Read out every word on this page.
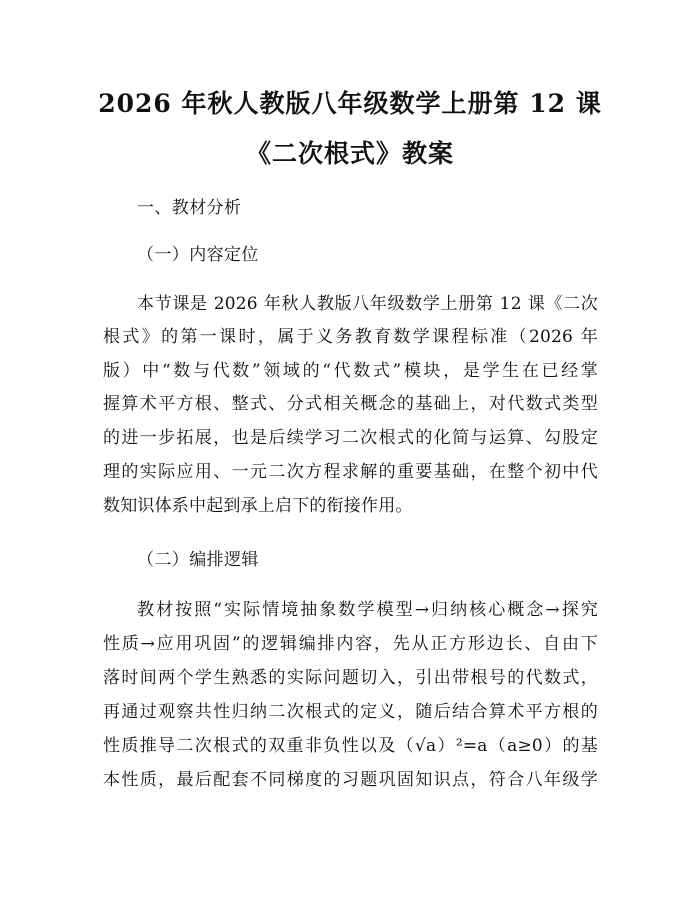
2026 年秋人教版八年级数学上册第 12 课
《二次根式》教案
一、教材分析
（一）内容定位
本节课是 2026 年秋人教版八年级数学上册第 12 课《二次
根式》的第一课时，属于义务教育数学课程标准（2026 年
版）中“数与代数”领域的“代数式”模块，是学生在已经掌
握算术平方根、整式、分式相关概念的基础上，对代数式类型
的进一步拓展，也是后续学习二次根式的化简与运算、勾股定
理的实际应用、一元二次方程求解的重要基础，在整个初中代
数知识体系中起到承上启下的衔接作用。
（二）编排逻辑
教材按照“实际情境抽象数学模型→归纳核心概念→探究
性质→应用巩固”的逻辑编排内容，先从正方形边长、自由下
落时间两个学生熟悉的实际问题切入，引出带根号的代数式，
再通过观察共性归纳二次根式的定义，随后结合算术平方根的
性质推导二次根式的双重非负性以及（√a）²=a（a≥0）的基
本性质，最后配套不同梯度的习题巩固知识点，符合八年级学
